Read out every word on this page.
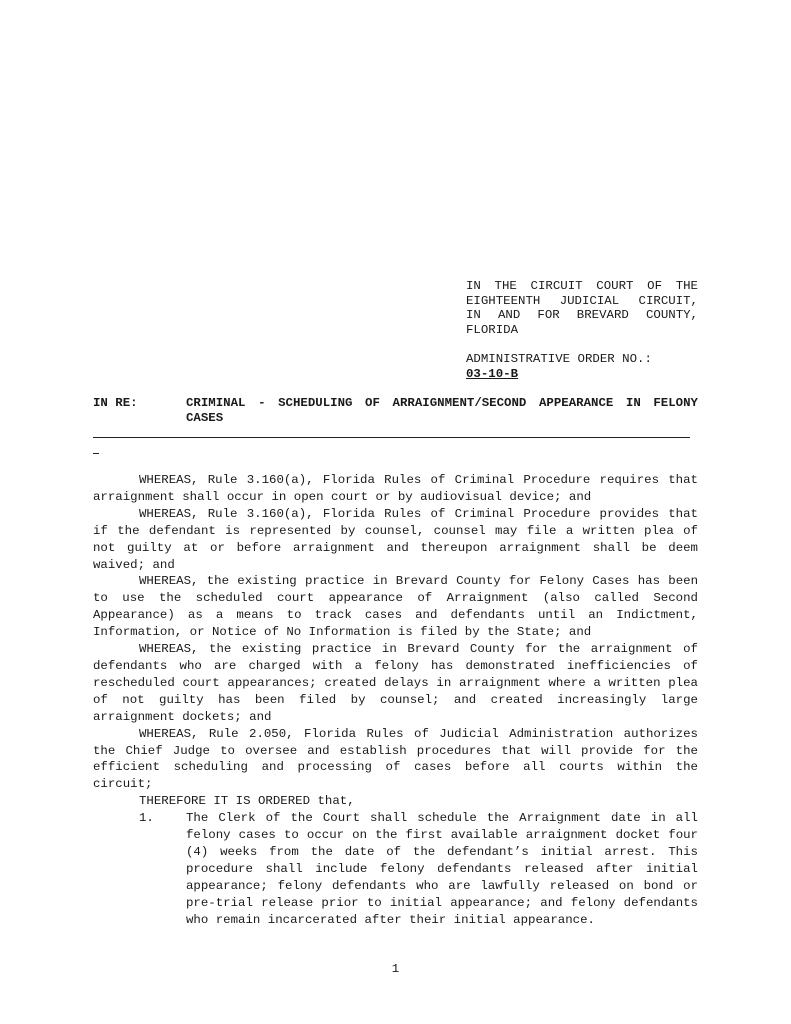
IN THE CIRCUIT COURT OF THE
EIGHTEENTH JUDICIAL CIRCUIT,
IN AND FOR BREVARD COUNTY,
FLORIDA
ADMINISTRATIVE ORDER NO.:
03-10-B
IN RE:	CRIMINAL - SCHEDULING OF ARRAIGNMENT/SECOND APPEARANCE IN FELONY
CASES

WHEREAS, Rule 3.160(a), Florida Rules of Criminal Procedure requires that arraignment shall occur in open court or by audiovisual device; and

WHEREAS, Rule 3.160(a), Florida Rules of Criminal Procedure provides that if the defendant is represented by counsel, counsel may file a written plea of not guilty at or before arraignment and thereupon arraignment shall be deem waived; and

WHEREAS, the existing practice in Brevard County for Felony Cases has been to use the scheduled court appearance of Arraignment (also called Second Appearance) as a means to track cases and defendants until an Indictment, Information, or Notice of No Information is filed by the State; and

WHEREAS, the existing practice in Brevard County for the arraignment of defendants who are charged with a felony has demonstrated inefficiencies of rescheduled court appearances; created delays in arraignment where a written plea of not guilty has been filed by counsel; and created increasingly large arraignment dockets; and

WHEREAS, Rule 2.050, Florida Rules of Judicial Administration authorizes the Chief Judge to oversee and establish procedures that will provide for the efficient scheduling and processing of cases before all courts within the circuit;

THEREFORE IT IS ORDERED that,

1.	The Clerk of the Court shall schedule the Arraignment date in all felony cases to occur on the first available arraignment docket four (4) weeks from the date of the defendant’s initial arrest. This procedure shall include felony defendants released after initial appearance; felony defendants who are lawfully released on bond or pre-trial release prior to initial appearance; and felony defendants who remain incarcerated after their initial appearance.

1
